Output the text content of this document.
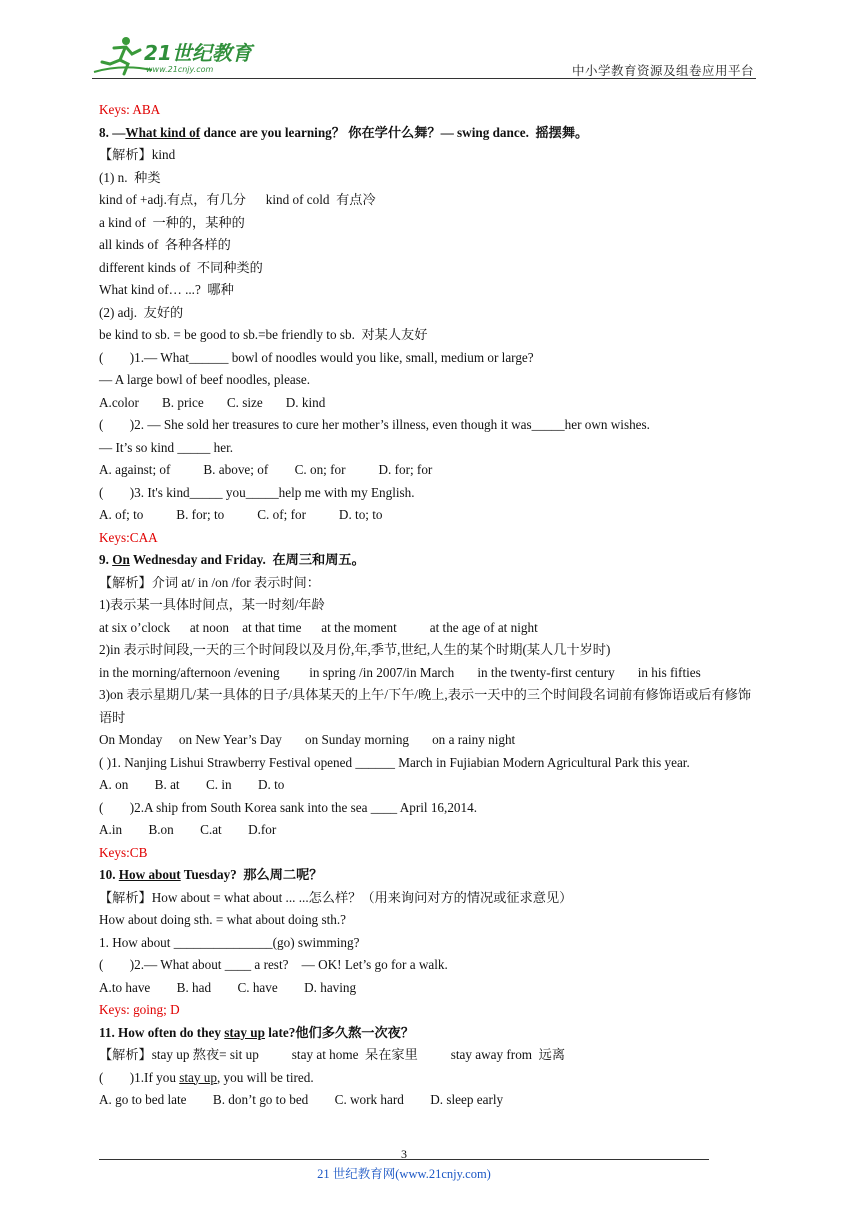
21世纪教育
www.21cnjy.com	中小学教育资源及组卷应用平台
Keys: ABA
8. —What kind of dance are you learning？ 你在学什么舞？— swing dance.  摇摆舞。
【解析】kind
(1) n.  种类
kind of +adj.有点，有几分      kind of cold  有点冷
a kind of  一种的，某种的
all kinds of  各种各样的
different kinds of  不同种类的
What kind of… ...?  哪种
(2) adj.  友好的
be kind to sb. = be good to sb.=be friendly to sb.  对某人友好
(        )1.— What______ bowl of noodles would you like, small, medium or large?
— A large bowl of beef noodles, please.
A.color       B. price       C. size       D. kind
(        )2. — She sold her treasures to cure her mother’s illness, even though it was_____her own wishes.
— It’s so kind _____ her.
A. against; of          B. above; of        C. on; for          D. for; for
(        )3. It's kind_____ you_____help me with my English.
A. of; to          B. for; to          C. of; for          D. to; to
Keys:CAA
9. On Wednesday and Friday.  在周三和周五。
【解析】介词 at/ in /on /for 表示时间：
1)表示某一具体时间点，某一时刻/年龄
at six o’clock      at noon    at that time      at the moment          at the age of at night
2)in 表示时间段,一天的三个时间段以及月份,年,季节,世纪,人生的某个时期(某人几十岁时)
in the morning/afternoon /evening         in spring /in 2007/in March       in the twenty-first century       in his fifties
3)on 表示星期几/某一具体的日子/具体某天的上午/下午/晚上,表示一天中的三个时间段名词前有修饰语或后有修饰语时
On Monday     on New Year’s Day       on Sunday morning       on a rainy night
( )1. Nanjing Lishui Strawberry Festival opened ______ March in Fujiabian Modern Agricultural Park this year.
A. on        B. at        C. in        D. to
(        )2.A ship from South Korea sank into the sea ____ April 16,2014.
A.in        B.on        C.at        D.for
Keys:CB
10. How about Tuesday?  那么周二呢？
【解析】How about = what about ... ...怎么样？（用来询问对方的情况或征求意见）
How about doing sth. = what about doing sth.?
1. How about _______________(go) swimming?
(        )2.— What about ____ a rest?    — OK! Let’s go for a walk.
A.to have        B. had        C. have        D. having
Keys: going; D
11. How often do they stay up late?他们多久熬一次夜？
【解析】stay up 熬夜= sit up          stay at home  呆在家里          stay away from  远离
(        )1.If you stay up, you will be tired.
A. go to bed late        B. don’t go to bed        C. work hard        D. sleep early
3
21 世纪教育网(www.21cnjy.com)
